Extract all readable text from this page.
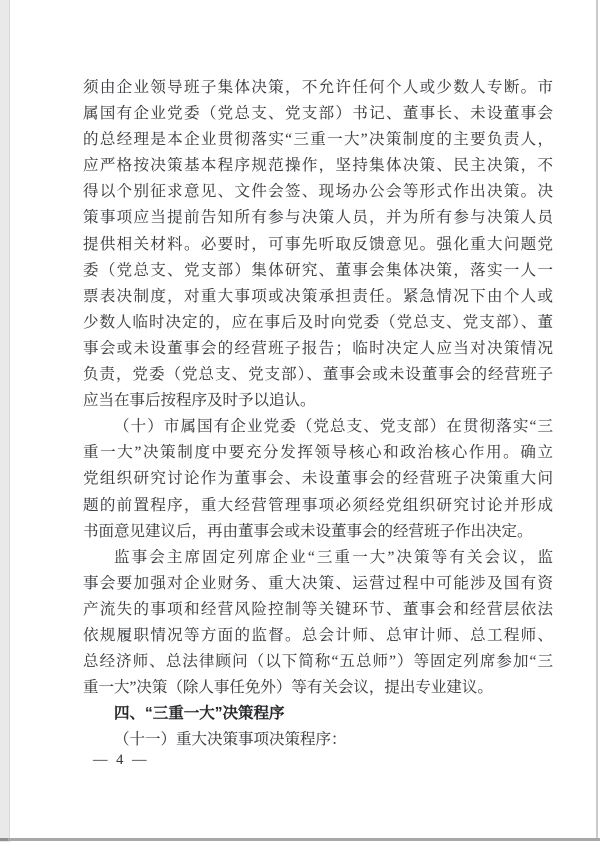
须由企业领导班子集体决策，不允许任何个人或少数人专断。市
属国有企业党委（党总支、党支部）书记、董事长、未设董事会
的总经理是本企业贯彻落实“三重一大”决策制度的主要负责人，
应严格按决策基本程序规范操作，坚持集体决策、民主决策，不
得以个别征求意见、文件会签、现场办公会等形式作出决策。决
策事项应当提前告知所有参与决策人员，并为所有参与决策人员
提供相关材料。必要时，可事先听取反馈意见。强化重大问题党
委（党总支、党支部）集体研究、董事会集体决策，落实一人一
票表决制度，对重大事项或决策承担责任。紧急情况下由个人或
少数人临时决定的，应在事后及时向党委（党总支、党支部）、董
事会或未设董事会的经营班子报告；临时决定人应当对决策情况
负责，党委（党总支、党支部）、董事会或未设董事会的经营班子
应当在事后按程序及时予以追认。
（十）市属国有企业党委（党总支、党支部）在贯彻落实“三
重一大”决策制度中要充分发挥领导核心和政治核心作用。确立
党组织研究讨论作为董事会、未设董事会的经营班子决策重大问
题的前置程序，重大经营管理事项必须经党组织研究讨论并形成
书面意见建议后，再由董事会或未设董事会的经营班子作出决定。
监事会主席固定列席企业“三重一大”决策等有关会议，监
事会要加强对企业财务、重大决策、运营过程中可能涉及国有资
产流失的事项和经营风险控制等关键环节、董事会和经营层依法
依规履职情况等方面的监督。总会计师、总审计师、总工程师、
总经济师、总法律顾问（以下简称“五总师”）等固定列席参加“三
重一大”决策（除人事任免外）等有关会议，提出专业建议。
四、“三重一大”决策程序
（十一）重大决策事项决策程序：
— 4 —
